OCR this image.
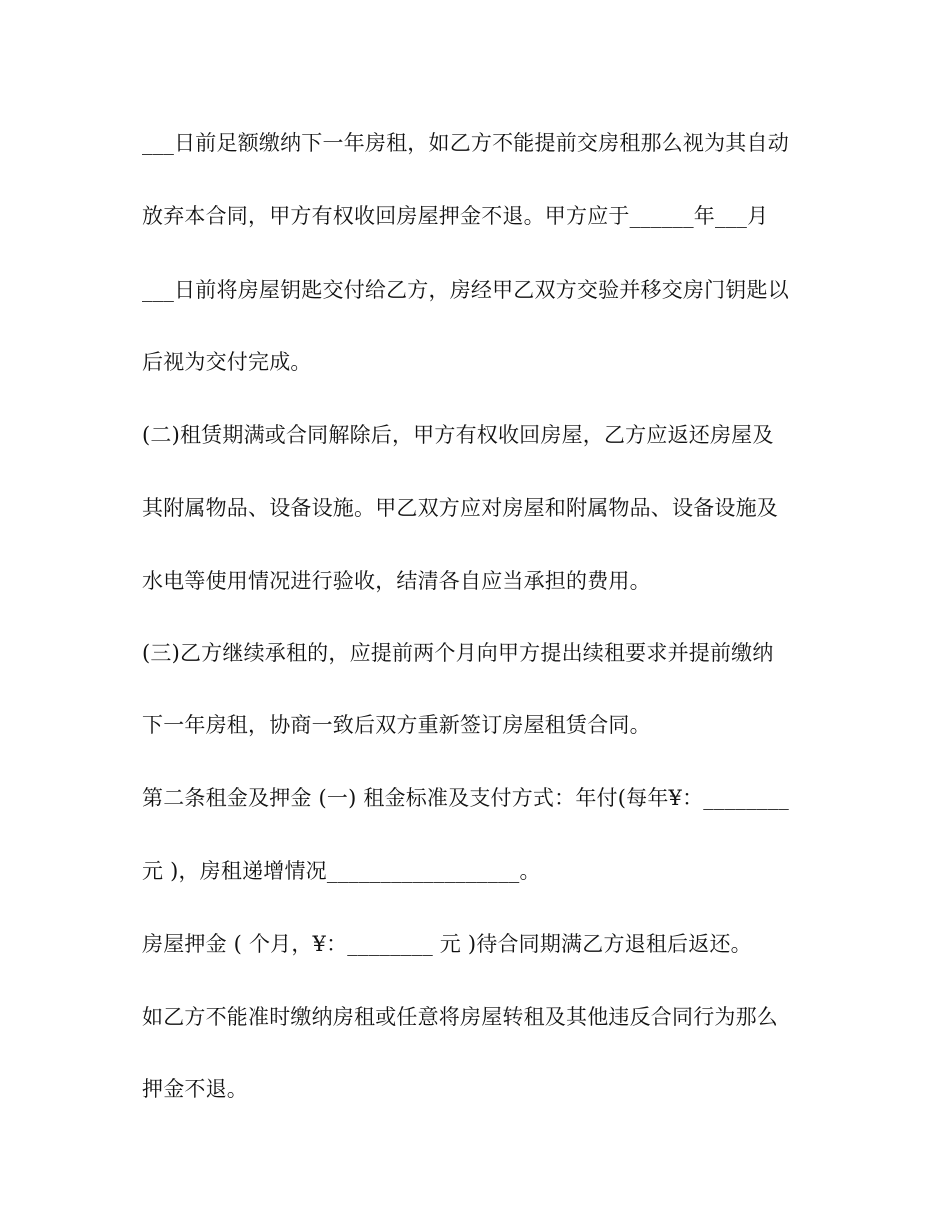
___日前足额缴纳下一年房租，如乙方不能提前交房租那么视为其自动
放弃本合同，甲方有权收回房屋押金不退。甲方应于______年___月
___日前将房屋钥匙交付给乙方，房经甲乙双方交验并移交房门钥匙以
后视为交付完成。
(二)租赁期满或合同解除后，甲方有权收回房屋，乙方应返还房屋及
其附属物品、设备设施。甲乙双方应对房屋和附属物品、设备设施及
水电等使用情况进行验收，结清各自应当承担的费用。
(三)乙方继续承租的，应提前两个月向甲方提出续租要求并提前缴纳
下一年房租，协商一致后双方重新签订房屋租赁合同。
第二条租金及押金 (一) 租金标准及支付方式：年付(每年¥：________
元 )，房租递增情况__________________。
房屋押金 ( 个月，¥：________ 元 )待合同期满乙方退租后返还。
如乙方不能准时缴纳房租或任意将房屋转租及其他违反合同行为那么
押金不退。
